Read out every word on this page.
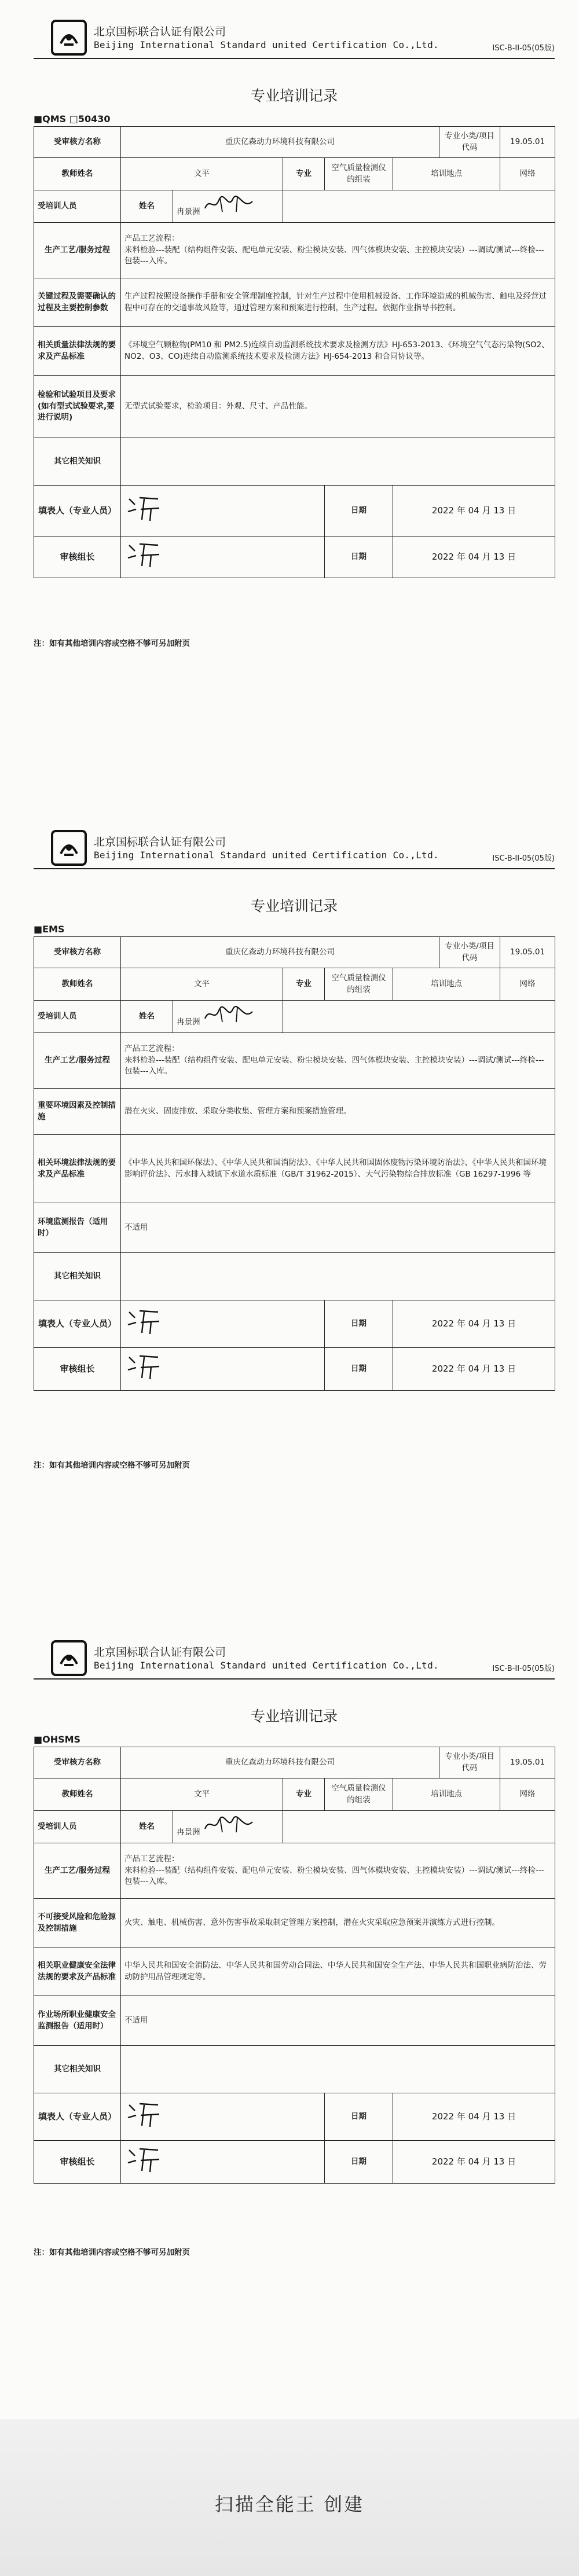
北京国标联合认证有限公司
Beijing International Standard united Certification Co.,Ltd.	ISC-B-II-05(05版)
专业培训记录
■QMS □50430
受审核方名称	重庆亿森动力环境科技有限公司					专业小类/项目代码	19.05.01
教师姓名	文平		专业	空气质量检测仪的组装	培训地点		网络
受培训人员	姓名	冉景洲					
生产工艺/服务过程	产品工艺流程：
来料检验---装配（结构组件安装、配电单元安装、粉尘模块安装、四气体模块安装、主控模块安装）---调试/测试---终检---包装---入库。						

关键过程及需要确认的过程及主要控制参数	生产过程按照设备操作手册和安全管理制度控制，针对生产过程中使用机械设备、工作环境造成的机械伤害、触电及经营过程中可存在的交通事故风险等，通过管理方案和预案进行控制，生产过程。依据作业指导书控制。						
相关质量法律法规的要求及产品标准	《环境空气颗粒物(PM10 和 PM2.5)连续自动监测系统技术要求及检测方法》HJ-653-2013、《环境空气气态污染物(SO2、NO2、O3、CO)连续自动监测系统技术要求及检测方法》HJ-654-2013 和合同协议等。						
检验和试验项目及要求(如有型式试验要求,要进行说明)	无型式试验要求，检验项目：外观、尺寸、产品性能。						
其它相关知识							
填表人（专业人员）				日期	2022 年 04 月 13 日		
审核组长				日期	2022 年 04 月 13 日		
注：如有其他培训内容或空格不够可另加附页
北京国标联合认证有限公司
Beijing International Standard united Certification Co.,Ltd.	ISC-B-II-05(05版)
专业培训记录
■EMS
受审核方名称	重庆亿森动力环境科技有限公司					专业小类/项目代码	19.05.01
教师姓名	文平		专业	空气质量检测仪的组装	培训地点		网络
受培训人员	姓名	冉景洲					
生产工艺/服务过程	产品工艺流程：
来料检验---装配（结构组件安装、配电单元安装、粉尘模块安装、四气体模块安装、主控模块安装）---调试/测试---终检---包装---入库。						

重要环境因素及控制措施	潜在火灾、固废排放、采取分类收集、管理方案和预案措施管理。						
相关环境法律法规的要求及产品标准	《中华人民共和国环保法》、《中华人民共和国消防法》、《中华人民共和国固体废物污染环境防治法》、《中华人民共和国环境影响评价法》、污水排入城镇下水道水质标准（GB/T 31962-2015）、大气污染物综合排放标准（GB 16297-1996 等						
环境监测报告（适用时）	不适用						
其它相关知识							
填表人（专业人员）				日期	2022 年 04 月 13 日		
审核组长				日期	2022 年 04 月 13 日		
注：如有其他培训内容或空格不够可另加附页
北京国标联合认证有限公司
Beijing International Standard united Certification Co.,Ltd.	ISC-B-II-05(05版)
专业培训记录
■OHSMS
受审核方名称	重庆亿森动力环境科技有限公司					专业小类/项目代码	19.05.01
教师姓名	文平		专业	空气质量检测仪的组装	培训地点		网络
受培训人员	姓名	冉景洲					
生产工艺/服务过程	产品工艺流程：
来料检验---装配（结构组件安装、配电单元安装、粉尘模块安装、四气体模块安装、主控模块安装）---调试/测试---终检---包装---入库。						

不可接受风险和危险源及控制措施	火灾、触电、机械伤害、意外伤害事故采取制定管理方案控制，潜在火灾采取应急预案并演练方式进行控制。						
相关职业健康安全法律法规的要求及产品标准	中华人民共和国安全消防法、中华人民共和国劳动合同法、中华人民共和国安全生产法、中华人民共和国职业病防治法、劳动防护用品管理规定等。						
作业场所职业健康安全监测报告（适用时）	不适用						
其它相关知识							
填表人（专业人员）				日期	2022 年 04 月 13 日		
审核组长				日期	2022 年 04 月 13 日		
注：如有其他培训内容或空格不够可另加附页
扫描全能王 创建
